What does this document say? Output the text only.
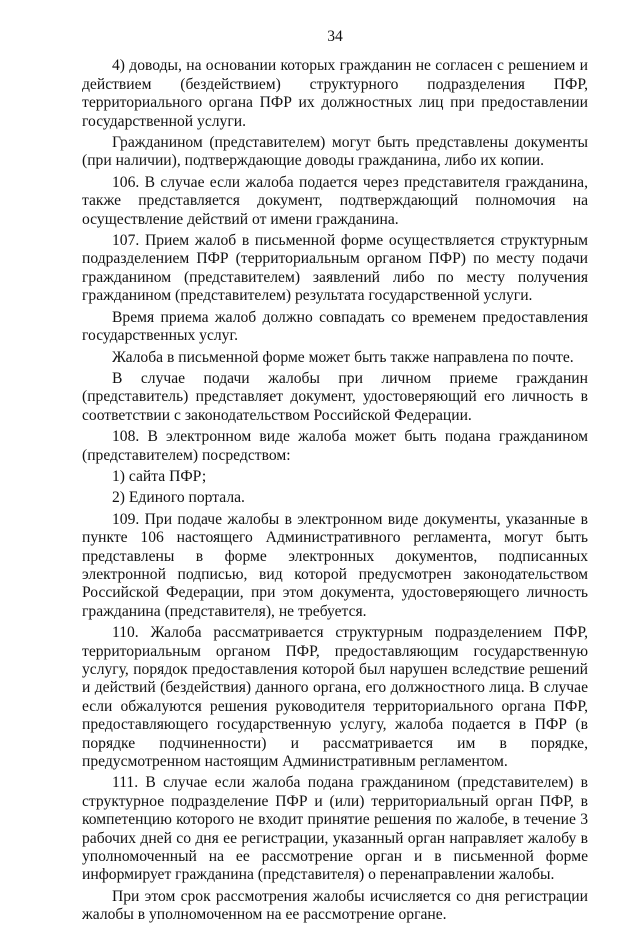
34

4) доводы, на основании которых гражданин не согласен с решением и действием (бездействием) структурного подразделения ПФР, территориального органа ПФР их должностных лиц при предоставлении государственной услуги.

Гражданином (представителем) могут быть представлены документы (при наличии), подтверждающие доводы гражданина, либо их копии.

106. В случае если жалоба подается через представителя гражданина, также представляется документ, подтверждающий полномочия на осуществление действий от имени гражданина.

107. Прием жалоб в письменной форме осуществляется структурным подразделением ПФР (территориальным органом ПФР) по месту подачи гражданином (представителем) заявлений либо по месту получения гражданином (представителем) результата государственной услуги.

Время приема жалоб должно совпадать со временем предоставления государственных услуг.

Жалоба в письменной форме может быть также направлена по почте.

В случае подачи жалобы при личном приеме гражданин (представитель) представляет документ, удостоверяющий его личность в соответствии с законодательством Российской Федерации.

108. В электронном виде жалоба может быть подана гражданином (представителем) посредством:

1) сайта ПФР;

2) Единого портала.

109. При подаче жалобы в электронном виде документы, указанные в пункте 106 настоящего Административного регламента, могут быть представлены в форме электронных документов, подписанных электронной подписью, вид которой предусмотрен законодательством Российской Федерации, при этом документа, удостоверяющего личность гражданина (представителя), не требуется.

110. Жалоба рассматривается структурным подразделением ПФР, территориальным органом ПФР, предоставляющим государственную услугу, порядок предоставления которой был нарушен вследствие решений и действий (бездействия) данного органа, его должностного лица. В случае если обжалуются решения руководителя территориального органа ПФР, предоставляющего государственную услугу, жалоба подается в ПФР (в порядке подчиненности) и рассматривается им в порядке, предусмотренном настоящим Административным регламентом.

111. В случае если жалоба подана гражданином (представителем) в структурное подразделение ПФР и (или) территориальный орган ПФР, в компетенцию которого не входит принятие решения по жалобе, в течение 3 рабочих дней со дня ее регистрации, указанный орган направляет жалобу в уполномоченный на ее рассмотрение орган и в письменной форме информирует гражданина (представителя) о перенаправлении жалобы.

При этом срок рассмотрения жалобы исчисляется со дня регистрации жалобы в уполномоченном на ее рассмотрение органе.
